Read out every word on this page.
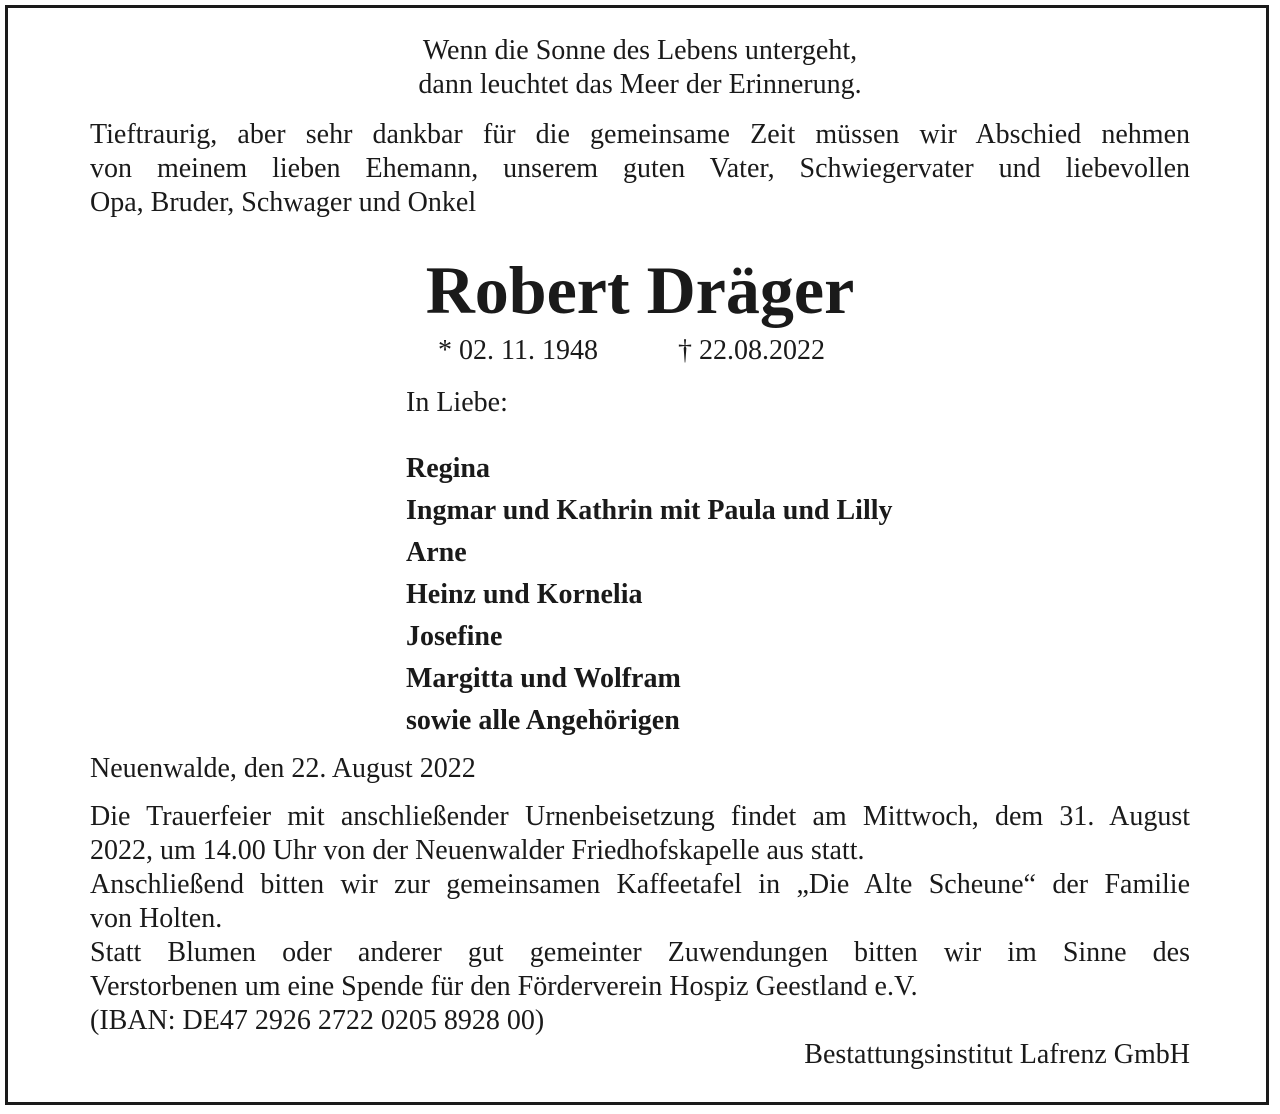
Wenn die Sonne des Lebens untergeht,
dann leuchtet das Meer der Erinnerung.
Tieftraurig, aber sehr dankbar für die gemeinsame Zeit müssen wir Abschied nehmen
von meinem lieben Ehemann, unserem guten Vater, Schwiegervater und liebevollen
Opa, Bruder, Schwager und Onkel
Robert Dräger
* 02. 11. 1948	† 22.08.2022
In Liebe:
Regina
Ingmar und Kathrin mit Paula und Lilly
Arne
Heinz und Kornelia
Josefine
Margitta und Wolfram
sowie alle Angehörigen
Neuenwalde, den 22. August 2022
Die Trauerfeier mit anschließender Urnenbeisetzung findet am Mittwoch, dem 31. August
2022, um 14.00 Uhr von der Neuenwalder Friedhofskapelle aus statt.
Anschließend bitten wir zur gemeinsamen Kaffeetafel in „Die Alte Scheune“ der Familie
von Holten.
Statt Blumen oder anderer gut gemeinter Zuwendungen bitten wir im Sinne des
Verstorbenen um eine Spende für den Förderverein Hospiz Geestland e.V.
(IBAN: DE47 2926 2722 0205 8928 00)
Bestattungsinstitut Lafrenz GmbH
